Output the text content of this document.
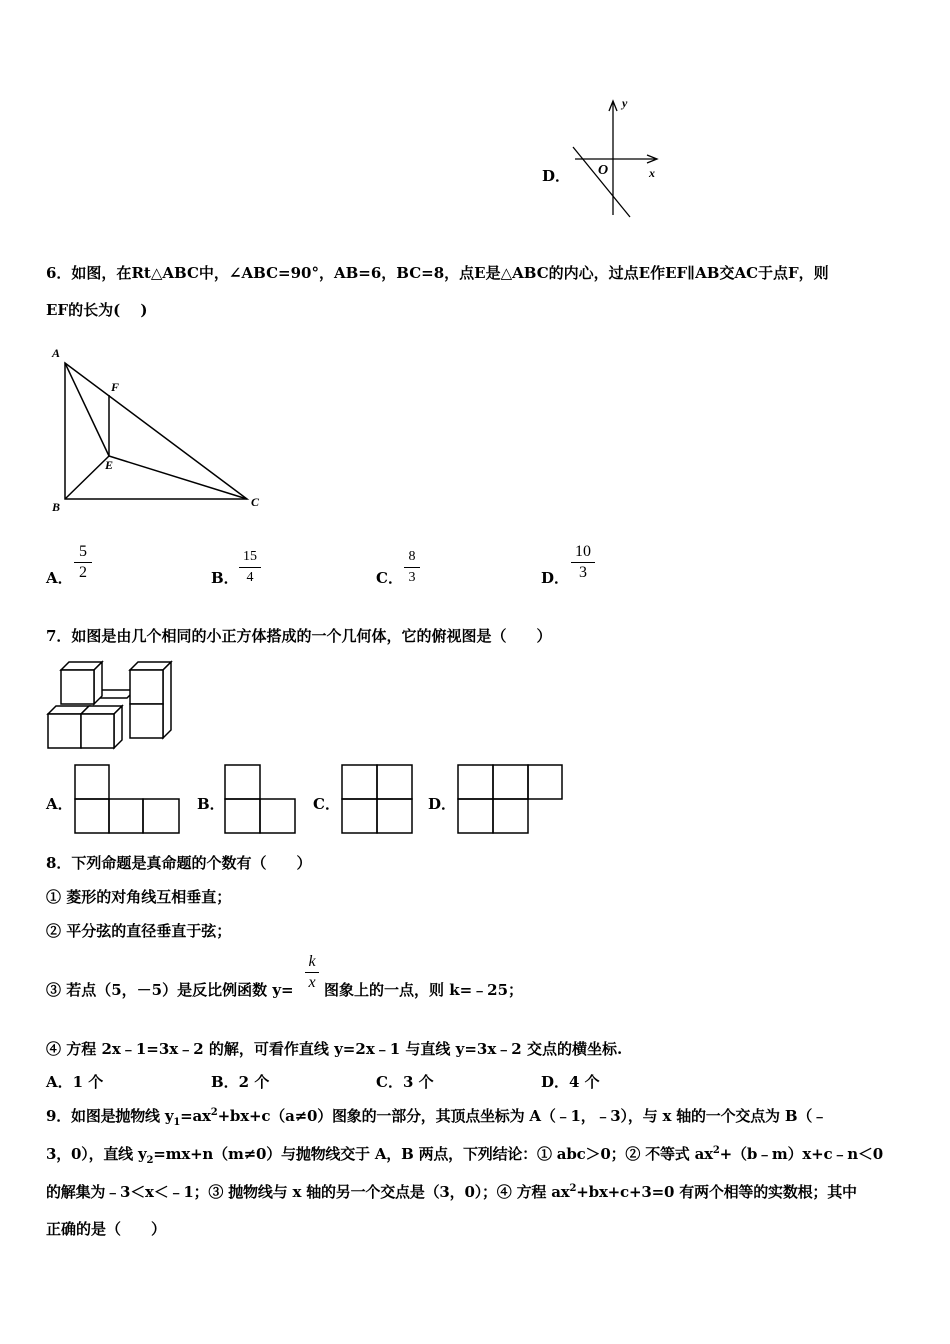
D．
y
x
O
6．如图，在Rt△ABC中，∠ABC=90°，AB=6，BC=8，点E是△ABC的内心，过点E作EF∥AB交AC于点F，则
EF的长为(　 )
A
B	C
E
F
A．
5
2	B．
15
4	C．
8
3	D．
10
3
7．如图是由几个相同的小正方体搭成的一个几何体，它的俯视图是（　　）
A．	B．	C．	D．
8．下列命题是真命题的个数有（　　）
① 菱形的对角线互相垂直；
② 平分弦的直径垂直于弦；
③ 若点（5，－5）是反比例函数 y=
k
x 图象上的一点，则 k=﹣25；
④ 方程 2x﹣1=3x﹣2 的解，可看作直线 y=2x﹣1 与直线 y=3x﹣2 交点的横坐标.
A．1 个	B．2 个	C．3 个	D．4 个
9．如图是抛物线 $y_1=ax^2+bx+c(a\ne 0)$图象的一部分，其顶点坐标为 A（﹣1，﹣3），与 x 轴的一个交点为 B（﹣
3，0），直线 $y_2=mx+n(m\ne 0)$与抛物线交于 A，B 两点，下列结论：① abc＞0；② 不等式 $ax^2+(b﹣m)x+c﹣n<0$
的解集为﹣3＜x＜﹣1；③ 抛物线与 x 轴的另一个交点是（3，0）；④ 方程 $ax^2+bx+c+3=0$ 有两个相等的实数根；其中
正确的是（　　）
